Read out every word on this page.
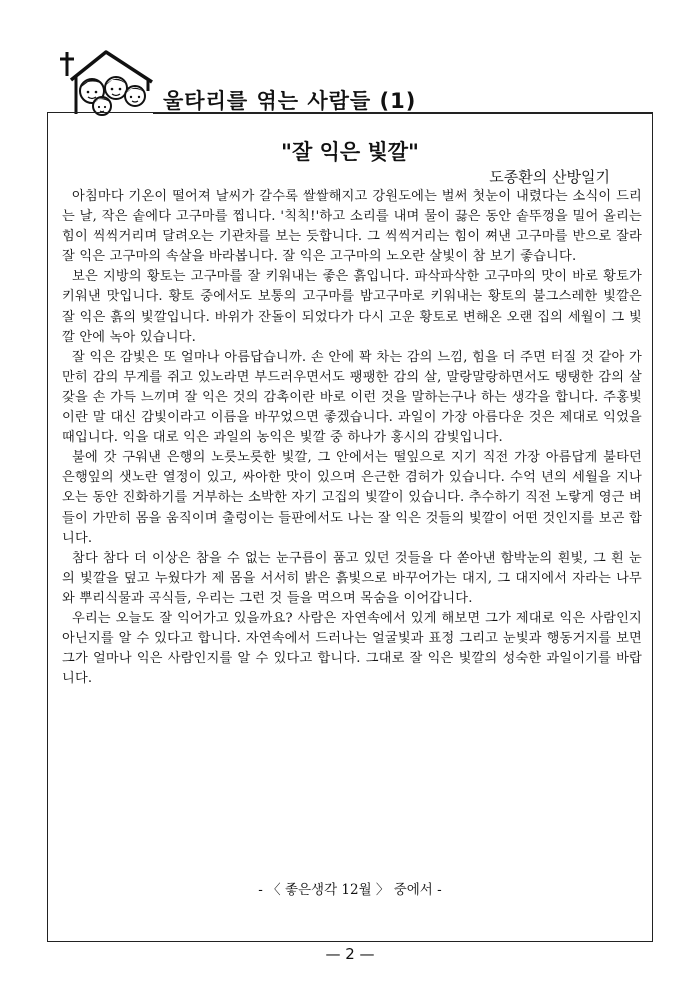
울타리를 엮는 사람들 (1)
"잘 익은 빛깔"
도종환의 산방일기

아침마다 기온이 떨어져 날씨가 갈수록 쌀쌀해지고 강원도에는 벌써 첫눈이 내렸다는 소식이 드리는 날, 작은 솥에다 고구마를 찝니다. '칙칙!'하고 소리를 내며 물이 끓은 동안 솥뚜껑을 밀어 올리는 힘이 씩씩거리며 달려오는 기관차를 보는 듯합니다. 그 씩씩거리는 힘이 쪄낸 고구마를 반으로 잘라 잘 익은 고구마의 속살을 바라봅니다. 잘 익은 고구마의 노오란 살빛이 참 보기 좋습니다.

보은 지방의 황토는 고구마를 잘 키워내는 좋은 흙입니다. 파삭파삭한 고구마의 맛이 바로 황토가 키워낸 맛입니다. 황토 중에서도 보통의 고구마를 밤고구마로 키워내는 황토의 불그스레한 빛깔은 잘 익은 흙의 빛깔입니다. 바위가 잔돌이 되었다가 다시 고운 황토로 변해온 오랜 집의 세월이 그 빛깔 안에 녹아 있습니다.

잘 익은 감빛은 또 얼마나 아름답습니까. 손 안에 꽉 차는 감의 느낌, 힘을 더 주면 터질 것 같아 가만히 감의 무게를 쥐고 있노라면 부드러우면서도 팽팽한 감의 살, 말랑말랑하면서도 탱탱한 감의 살갗을 손 가득 느끼며 잘 익은 것의 감촉이란 바로 이런 것을 말하는구나 하는 생각을 합니다. 주홍빛이란 말 대신 감빛이라고 이름을 바꾸었으면 좋겠습니다. 과일이 가장 아름다운 것은 제대로 익었을 때입니다. 익을 대로 익은 과일의 농익은 빛깔 중 하나가 홍시의 감빛입니다.

불에 갓 구워낸 은행의 노릇노릇한 빛깔, 그 안에서는 떨잎으로 지기 직전 가장 아름답게 불타던 은행잎의 샛노란 열정이 있고, 싸아한 맛이 있으며 은근한 겸허가 있습니다. 수억 년의 세월을 지나오는 동안 진화하기를 거부하는 소박한 자기 고집의 빛깔이 있습니다. 추수하기 직전 노랗게 영근 벼들이 가만히 몸을 움직이며 출렁이는 들판에서도 나는 잘 익은 것들의 빛깔이 어떤 것인지를 보곤 합니다.

참다 참다 더 이상은 참을 수 없는 눈구름이 품고 있던 것들을 다 쏟아낸 함박눈의 흰빛, 그 흰 눈의 빛깔을 덮고 누웠다가 제 몸을 서서히 밝은 흙빛으로 바꾸어가는 대지, 그 대지에서 자라는 나무와 뿌리식물과 곡식들, 우리는 그런 것 들을 먹으며 목숨을 이어갑니다.

우리는 오늘도 잘 익어가고 있을까요? 사람은 자연속에서 있게 해보면 그가 제대로 익은 사람인지 아닌지를 알 수 있다고 합니다. 자연속에서 드러나는 얼굴빛과 표정 그리고 눈빛과 행동거지를 보면 그가 얼마나 익은 사람인지를 알 수 있다고 합니다. 그대로 잘 익은 빛깔의 성숙한 과일이기를 바랍니다.

- 〈 좋은생각 12월 〉 중에서 -
— 2 —
